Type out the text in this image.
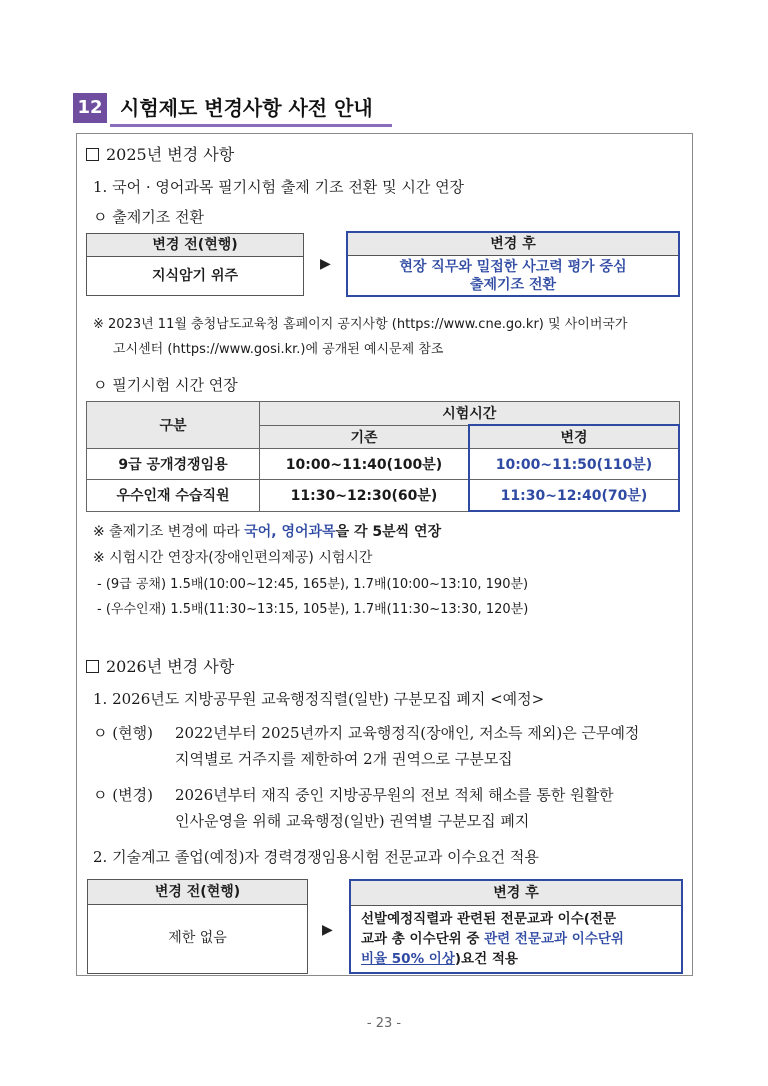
12 시험제도 변경사항 사전 안내
2025년 변경 사항
1. 국어 · 영어과목 필기시험 출제 기조 전환 및 시간 연장
ㅇ 출제기조 전환
변경 전(현행)
지식암기 위주
▶
변경 후
현장 직무와 밀접한 사고력 평가 중심
출제기조 전환
※ 2023년 11월 충청남도교육청 홈페이지 공지사항 (https://www.cne.go.kr) 및 사이버국가
고시센터 (https://www.gosi.kr.)에 공개된 예시문제 참조
ㅇ 필기시험 시간 연장
구분	시험시간	
	기존	변경
9급 공개경쟁임용	10:00~11:40(100분)	10:00~11:50(110분)
우수인재 수습직원	11:30~12:30(60분)	11:30~12:40(70분)
※ 출제기조 변경에 따라 국어, 영어과목을 각 5분씩 연장
※ 시험시간 연장자(장애인편의제공) 시험시간
- (9급 공채) 1.5배(10:00~12:45, 165분), 1.7배(10:00~13:10, 190분)
- (우수인재) 1.5배(11:30~13:15, 105분), 1.7배(11:30~13:30, 120분)
2026년 변경 사항
1. 2026년도 지방공무원 교육행정직렬(일반) 구분모집 폐지 <예정>
ㅇ (현행) 2022년부터 2025년까지 교육행정직(장애인, 저소득 제외)은 근무예정
지역별로 거주지를 제한하여 2개 권역으로 구분모집
ㅇ (변경) 2026년부터 재직 중인 지방공무원의 전보 적체 해소를 통한 원활한
인사운영을 위해 교육행정(일반) 권역별 구분모집 폐지
2. 기술계고 졸업(예정)자 경력경쟁임용시험 전문교과 이수요건 적용
변경 전(현행)
제한 없음	▶
변경 후
선발예정직렬과 관련된 전문교과 이수(전문
교과 총 이수단위 중 관련 전문교과 이수단위
비율 50% 이상)요건 적용
- 23 -
